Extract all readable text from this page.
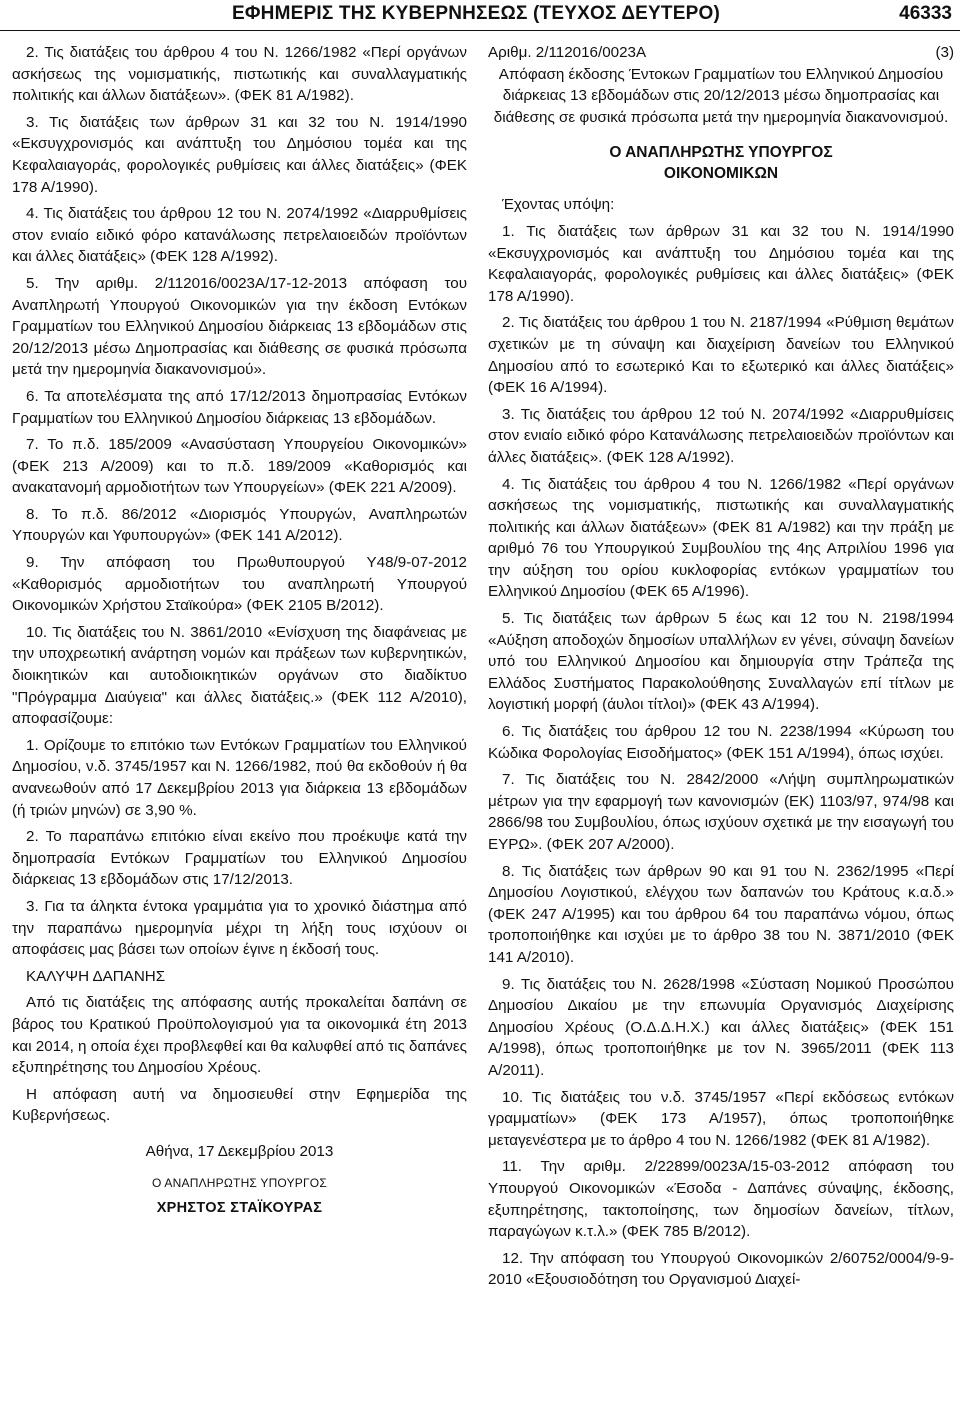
ΕΦΗΜΕΡΙΣ ΤΗΣ ΚΥΒΕΡΝΗΣΕΩΣ (ΤΕΥΧΟΣ ΔΕΥΤΕΡΟ)	46333

2. Τις διατάξεις του άρθρου 4 του Ν. 1266/1982 «Περί οργάνων ασκήσεως της νομισματικής, πιστωτικής και συναλλαγματικής πολιτικής και άλλων διατάξεων». (ΦΕΚ 81 Α/1982).

3. Τις διατάξεις των άρθρων 31 και 32 του Ν. 1914/1990 «Εκσυγχρονισμός και ανάπτυξη του Δημόσιου τομέα και της Κεφαλαιαγοράς, φορολογικές ρυθμίσεις και άλλες διατάξεις» (ΦΕΚ 178 Α/1990).

4. Τις διατάξεις του άρθρου 12 του Ν. 2074/1992 «Διαρρυθμίσεις στον ενιαίο ειδικό φόρο κατανάλωσης πετρελαιοειδών προϊόντων και άλλες διατάξεις» (ΦΕΚ 128 Α/1992).

5. Την αριθμ. 2/112016/0023Α/17-12-2013 απόφαση του Αναπληρωτή Υπουργού Οικονομικών για την έκδοση Εντόκων Γραμματίων του Ελληνικού Δημοσίου διάρκειας 13 εβδομάδων στις 20/12/2013 μέσω Δημοπρασίας και διάθεσης σε φυσικά πρόσωπα μετά την ημερομηνία διακανονισμού».

6. Τα αποτελέσματα της από 17/12/2013 δημοπρασίας Εντόκων Γραμματίων του Ελληνικού Δημοσίου διάρκειας 13 εβδομάδων.

7. Το π.δ. 185/2009 «Ανασύσταση Υπουργείου Οικονομικών» (ΦΕΚ 213 Α/2009) και το π.δ. 189/2009 «Καθορισμός και ανακατανομή αρμοδιοτήτων των Υπουργείων» (ΦΕΚ 221 Α/2009).

8. Το π.δ. 86/2012 «Διορισμός Υπουργών, Αναπληρωτών Υπουργών και Υφυπουργών» (ΦΕΚ 141 Α/2012).

9. Την απόφαση του Πρωθυπουργού Υ48/9-07-2012 «Καθορισμός αρμοδιοτήτων του αναπληρωτή Υπουργού Οικονομικών Χρήστου Σταϊκούρα» (ΦΕΚ 2105 Β/2012).

10. Τις διατάξεις του Ν. 3861/2010 «Ενίσχυση της διαφάνειας με την υποχρεωτική ανάρτηση νομών και πράξεων των κυβερνητικών, διοικητικών και αυτοδιοικητικών οργάνων στο διαδίκτυο "Πρόγραμμα Διαύγεια" και άλλες διατάξεις.» (ΦΕΚ 112 Α/2010), αποφασίζουμε:

1. Ορίζουμε το επιτόκιο των Εντόκων Γραμματίων του Ελληνικού Δημοσίου, ν.δ. 3745/1957 και Ν. 1266/1982, πού θα εκδοθούν ή θα ανανεωθούν από 17 Δεκεμβρίου 2013 για διάρκεια 13 εβδομάδων (ή τριών μηνών) σε 3,90 %.

2. Το παραπάνω επιτόκιο είναι εκείνο που προέκυψε κατά την δημοπρασία Εντόκων Γραμματίων του Ελληνικού Δημοσίου διάρκειας 13 εβδομάδων στις 17/12/2013.

3. Για τα άληκτα έντοκα γραμμάτια για το χρονικό διάστημα από την παραπάνω ημερομηνία μέχρι τη λήξη τους ισχύουν οι αποφάσεις μας βάσει των οποίων έγινε η έκδοσή τους.

ΚΑΛΥΨΗ ΔΑΠΑΝΗΣ

Από τις διατάξεις της απόφασης αυτής προκαλείται δαπάνη σε βάρος του Κρατικού Προϋπολογισμού για τα οικονομικά έτη 2013 και 2014, η οποία έχει προβλεφθεί και θα καλυφθεί από τις δαπάνες εξυπηρέτησης του Δημοσίου Χρέους.

Η απόφαση αυτή να δημοσιευθεί στην Εφημερίδα της Κυβερνήσεως.

Αθήνα, 17 Δεκεμβρίου 2013
Ο ΑΝΑΠΛΗΡΩΤΗΣ ΥΠΟΥΡΓΟΣ
ΧΡΗΣΤΟΣ ΣΤΑΪΚΟΥΡΑΣ
Αριθμ. 2/112016/0023Α	(3)

Απόφαση έκδοσης Έντοκων Γραμματίων του Ελληνικού Δημοσίου διάρκειας 13 εβδομάδων στις 20/12/2013 μέσω δημοπρασίας και διάθεσης σε φυσικά πρόσωπα μετά την ημερομηνία διακανονισμού.

Ο ΑΝΑΠΛΗΡΩΤΗΣ ΥΠΟΥΡΓΟΣ
ΟΙΚΟΝΟΜΙΚΩΝ

Έχοντας υπόψη:

1. Τις διατάξεις των άρθρων 31 και 32 του Ν. 1914/1990 «Εκσυγχρονισμός και ανάπτυξη του Δημόσιου τομέα και της Κεφαλαιαγοράς, φορολογικές ρυθμίσεις και άλλες διατάξεις» (ΦΕΚ 178 Α/1990).

2. Τις διατάξεις του άρθρου 1 του Ν. 2187/1994 «Ρύθμιση θεμάτων σχετικών με τη σύναψη και διαχείριση δανείων του Ελληνικού Δημοσίου από το εσωτερικό Και το εξωτερικό και άλλες διατάξεις» (ΦΕΚ 16 Α/1994).

3. Τις διατάξεις του άρθρου 12 τού Ν. 2074/1992 «Διαρρυθμίσεις στον ενιαίο ειδικό φόρο Κατανάλωσης πετρελαιοειδών προϊόντων και άλλες διατάξεις». (ΦΕΚ 128 Α/1992).

4. Τις διατάξεις του άρθρου 4 του Ν. 1266/1982 «Περί οργάνων ασκήσεως της νομισματικής, πιστωτικής και συναλλαγματικής πολιτικής και άλλων διατάξεων» (ΦΕΚ 81 Α/1982) και την πράξη με αριθμό 76 του Υπουργικού Συμβουλίου της 4ης Απριλίου 1996 για την αύξηση του ορίου κυκλοφορίας εντόκων γραμματίων του Ελληνικού Δημοσίου (ΦΕΚ 65 Α/1996).

5. Τις διατάξεις των άρθρων 5 έως και 12 του Ν. 2198/1994 «Αύξηση αποδοχών δημοσίων υπαλλήλων εν γένει, σύναψη δανείων υπό του Ελληνικού Δημοσίου και δημιουργία στην Τράπεζα της Ελλάδος Συστήματος Παρακολούθησης Συναλλαγών επί τίτλων με λογιστική μορφή (άυλοι τίτλοι)» (ΦΕΚ 43 Α/1994).

6. Τις διατάξεις του άρθρου 12 του Ν. 2238/1994 «Κύρωση του Κώδικα Φορολογίας Εισοδήματος» (ΦΕΚ 151 Α/1994), όπως ισχύει.

7. Τις διατάξεις του Ν. 2842/2000 «Λήψη συμπληρωματικών μέτρων για την εφαρμογή των κανονισμών (ΕΚ) 1103/97, 974/98 και 2866/98 του Συμβουλίου, όπως ισχύουν σχετικά με την εισαγωγή του ΕΥΡΩ». (ΦΕΚ 207 Α/2000).

8. Τις διατάξεις των άρθρων 90 και 91 του Ν. 2362/1995 «Περί Δημοσίου Λογιστικού, ελέγχου των δαπανών του Κράτους κ.α.δ.» (ΦΕΚ 247 Α/1995) και του άρθρου 64 του παραπάνω νόμου, όπως τροποποιήθηκε και ισχύει με το άρθρο 38 του Ν. 3871/2010 (ΦΕΚ 141 Α/2010).

9. Τις διατάξεις του Ν. 2628/1998 «Σύσταση Νομικού Προσώπου Δημοσίου Δικαίου με την επωνυμία Οργανισμός Διαχείρισης Δημοσίου Χρέους (Ο.Δ.Δ.Η.Χ.) και άλλες διατάξεις» (ΦΕΚ 151 Α/1998), όπως τροποποιήθηκε με τον Ν. 3965/2011 (ΦΕΚ 113 Α/2011).

10. Τις διατάξεις του ν.δ. 3745/1957 «Περί εκδόσεως εντόκων γραμματίων» (ΦΕΚ 173 Α/1957), όπως τροποποιήθηκε μεταγενέστερα με το άρθρο 4 του Ν. 1266/1982 (ΦΕΚ 81 Α/1982).

11. Την αριθμ. 2/22899/0023Α/15-03-2012 απόφαση του Υπουργού Οικονομικών «Έσοδα - Δαπάνες σύναψης, έκδοσης, εξυπηρέτησης, τακτοποίησης, των δημοσίων δανείων, τίτλων, παραγώγων κ.τ.λ.» (ΦΕΚ 785 Β/2012).

12. Την απόφαση του Υπουργού Οικονομικών 2/60752/0004/9-9-2010 «Εξουσιοδότηση του Οργανισμού Διαχεί-
